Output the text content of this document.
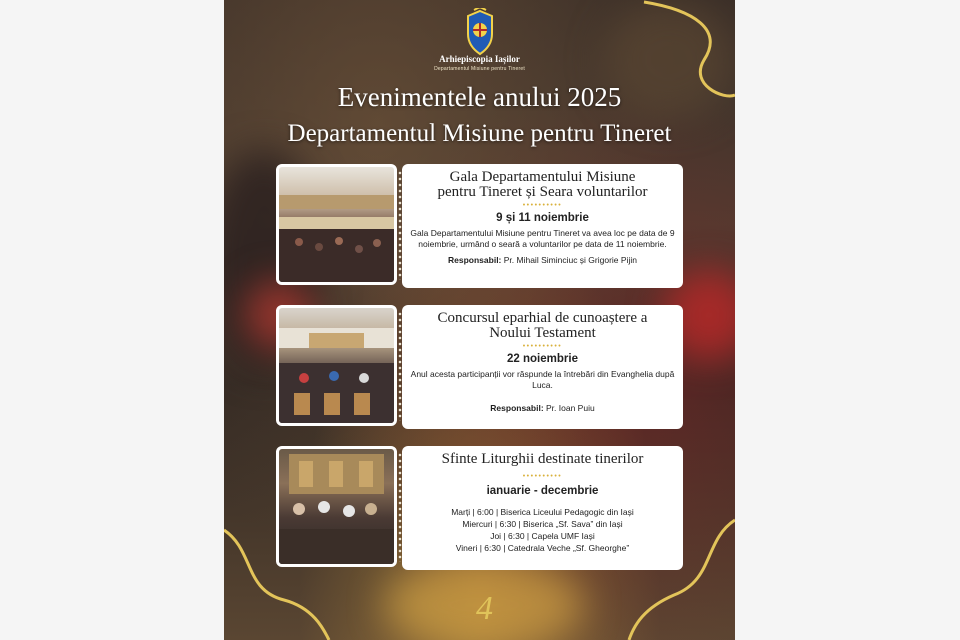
Arhiepiscopia Iașilor
Departamentul Misiune pentru Tineret
Evenimentele anului 2025
Departamentul Misiune pentru Tineret
Gala Departamentului Misiune
pentru Tineret și Seara voluntarilor
••••••••••
9 și 11 noiembrie
Gala Departamentului Misiune pentru Tineret va avea loc pe data de 9 noiembrie, urmând o seară a voluntarilor pe data de 11 noiembrie.
Responsabil: Pr. Mihail Siminciuc și Grigorie Pijin
Concursul eparhial de cunoaștere a
Noului Testament
••••••••••
22 noiembrie
Anul acesta participanții vor răspunde la întrebări din Evanghelia după Luca.
Responsabil: Pr. Ioan Puiu
Sfinte Liturghii destinate tinerilor
••••••••••
ianuarie - decembrie
Marți | 6:00 | Biserica Liceului Pedagogic din Iași
Miercuri | 6:30 | Biserica „Sf. Sava” din Iași
Joi | 6:30 | Capela UMF Iași
Vineri | 6:30 | Catedrala Veche „Sf. Gheorghe”
4
